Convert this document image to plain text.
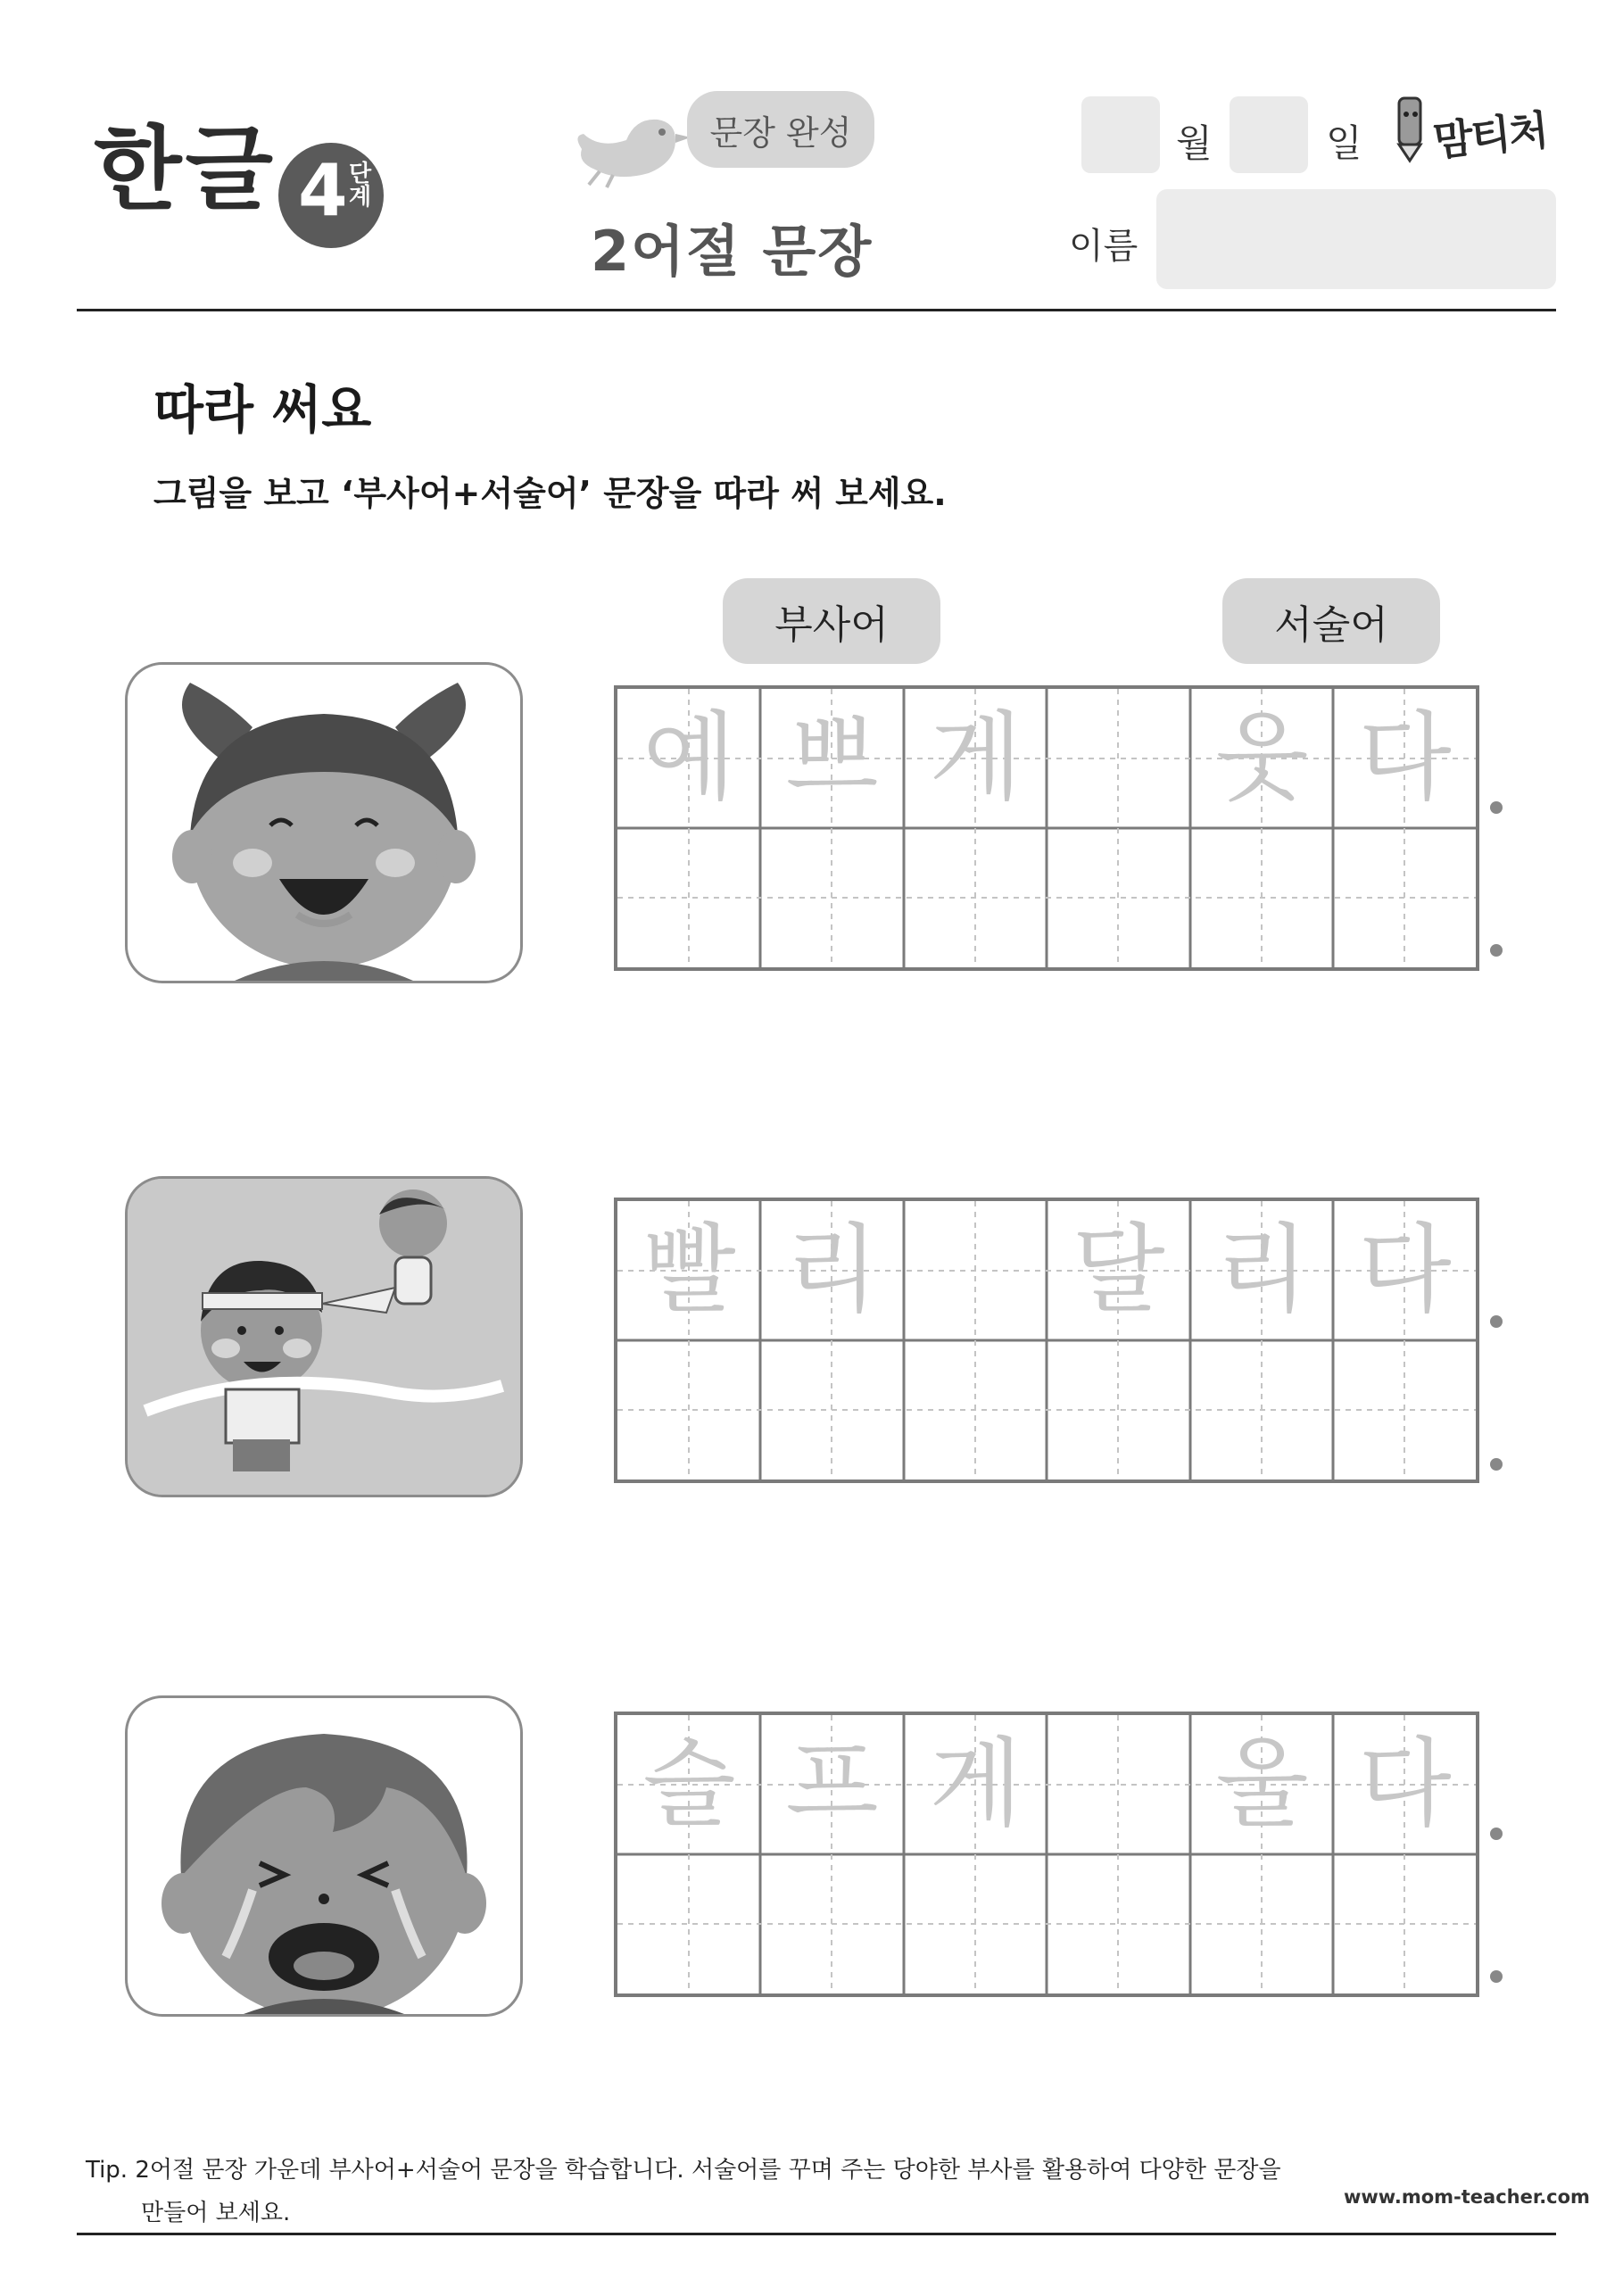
한글 4
단계
문장 완성
2어절 문장
월	일 맘티처
이름
따라 써요
그림을 보고 ‘부사어+서술어’ 문장을 따라 써 보세요.
부사어	서술어
예 쁘 게 웃 다
빨 리 달 리 다
슬 프 게 울 다
Tip. 2어절 문장 가운데 부사어+서술어 문장을 학습합니다. 서술어를 꾸며 주는 당야한 부사를 활용하여 다양한 문장을
만들어 보세요.
www.mom-teacher.com
